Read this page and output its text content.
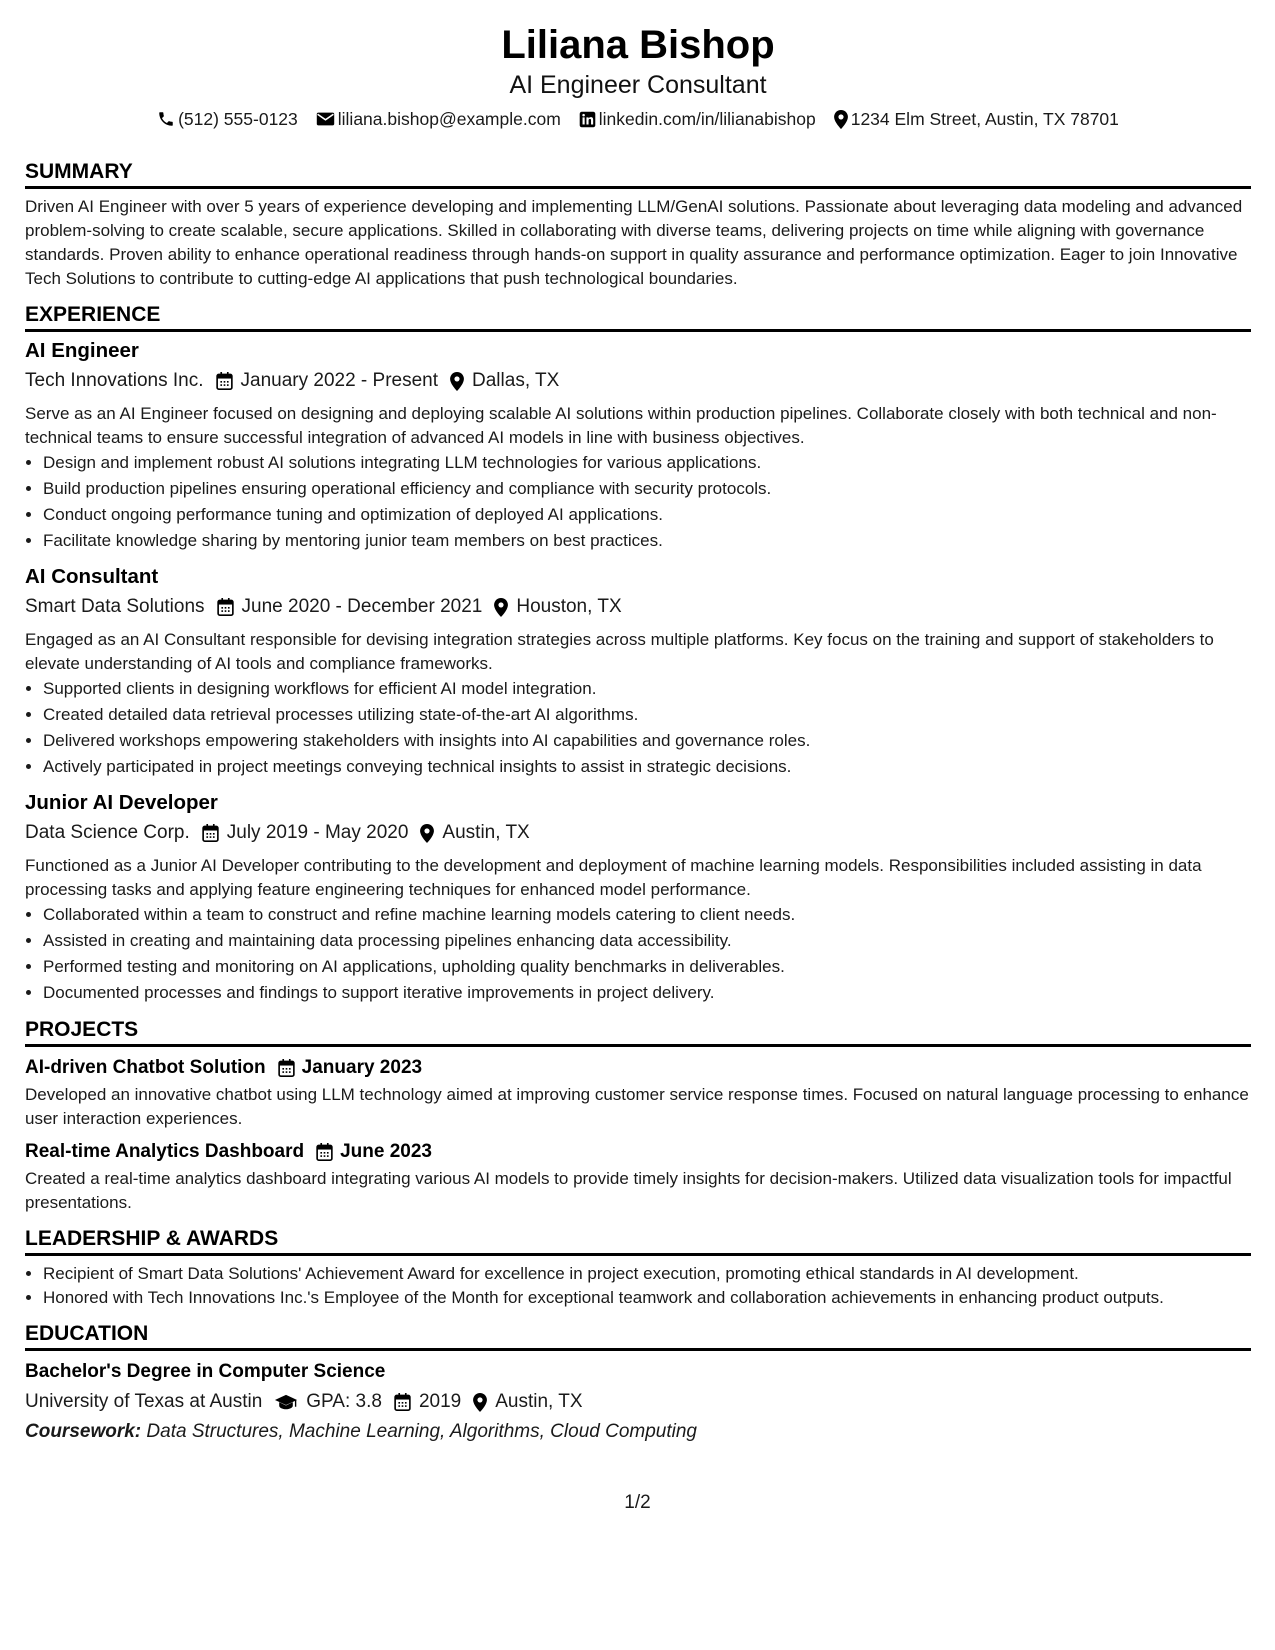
Liliana Bishop
AI Engineer Consultant
(512) 555-0123 liliana.bishop@example.com linkedin.com/in/lilianabishop 1234 Elm Street, Austin, TX 78701
SUMMARY

Driven AI Engineer with over 5 years of experience developing and implementing LLM/GenAI solutions. Passionate about leveraging data modeling and advanced problem-solving to create scalable, secure applications. Skilled in collaborating with diverse teams, delivering projects on time while aligning with governance standards. Proven ability to enhance operational readiness through hands-on support in quality assurance and performance optimization. Eager to join Innovative Tech Solutions to contribute to cutting-edge AI applications that push technological boundaries.

EXPERIENCE
AI Engineer
Tech Innovations Inc. January 2022 - Present Dallas, TX

Serve as an AI Engineer focused on designing and deploying scalable AI solutions within production pipelines. Collaborate closely with both technical and non-technical teams to ensure successful integration of advanced AI models in line with business objectives.

• Design and implement robust AI solutions integrating LLM technologies for various applications.
• Build production pipelines ensuring operational efficiency and compliance with security protocols.
• Conduct ongoing performance tuning and optimization of deployed AI applications.
• Facilitate knowledge sharing by mentoring junior team members on best practices.
AI Consultant
Smart Data Solutions June 2020 - December 2021 Houston, TX

Engaged as an AI Consultant responsible for devising integration strategies across multiple platforms. Key focus on the training and support of stakeholders to elevate understanding of AI tools and compliance frameworks.

• Supported clients in designing workflows for efficient AI model integration.
• Created detailed data retrieval processes utilizing state-of-the-art AI algorithms.
• Delivered workshops empowering stakeholders with insights into AI capabilities and governance roles.
• Actively participated in project meetings conveying technical insights to assist in strategic decisions.
Junior AI Developer
Data Science Corp. July 2019 - May 2020 Austin, TX

Functioned as a Junior AI Developer contributing to the development and deployment of machine learning models. Responsibilities included assisting in data processing tasks and applying feature engineering techniques for enhanced model performance.

• Collaborated within a team to construct and refine machine learning models catering to client needs.
• Assisted in creating and maintaining data processing pipelines enhancing data accessibility.
• Performed testing and monitoring on AI applications, upholding quality benchmarks in deliverables.
• Documented processes and findings to support iterative improvements in project delivery.
PROJECTS
AI-driven Chatbot Solution January 2023

Developed an innovative chatbot using LLM technology aimed at improving customer service response times. Focused on natural language processing to enhance user interaction experiences.

Real-time Analytics Dashboard June 2023

Created a real-time analytics dashboard integrating various AI models to provide timely insights for decision-makers. Utilized data visualization tools for impactful presentations.

LEADERSHIP & AWARDS
• Recipient of Smart Data Solutions' Achievement Award for excellence in project execution, promoting ethical standards in AI development.
• Honored with Tech Innovations Inc.'s Employee of the Month for exceptional teamwork and collaboration achievements in enhancing product outputs.
EDUCATION
Bachelor's Degree in Computer Science
University of Texas at Austin GPA: 3.8 2019 Austin, TX
Coursework: Data Structures, Machine Learning, Algorithms, Cloud Computing
1/2
